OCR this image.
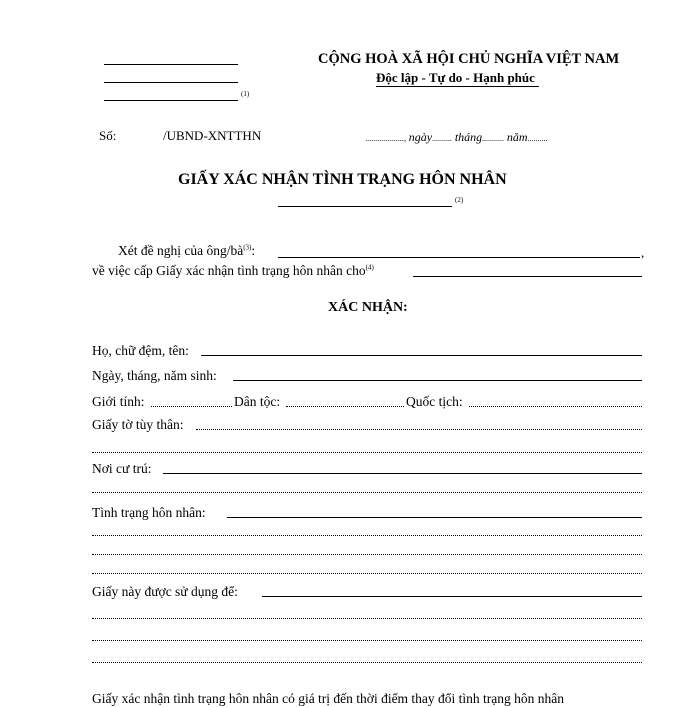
(1)
CỘNG HOÀ XÃ HỘI CHỦ NGHĨA VIỆT NAM
Độc lập - Tự do - Hạnh phúc
Số:	/UBND-XNTTHN	..................., ngày.......... tháng........... năm..........
GIẤY XÁC NHẬN TÌNH TRẠNG HÔN NHÂN
(2)
Xét đề nghị của ông/$bà^{(3)}$:	,
về việc cấp Giấy xác nhận tình trạng hôn nhân cho$^{(4)}$
XÁC NHẬN:
Họ, chữ đệm, tên:
Ngày, tháng, năm sinh:
Giới tính:	Dân tộc:	Quốc tịch:
Giấy tờ tùy thân:
Nơi cư trú:
Tình trạng hôn nhân:
Giấy này được sử dụng để:
Giấy xác nhận tình trạng hôn nhân có giá trị đến thời điểm thay đổi tình trạng hôn nhân
